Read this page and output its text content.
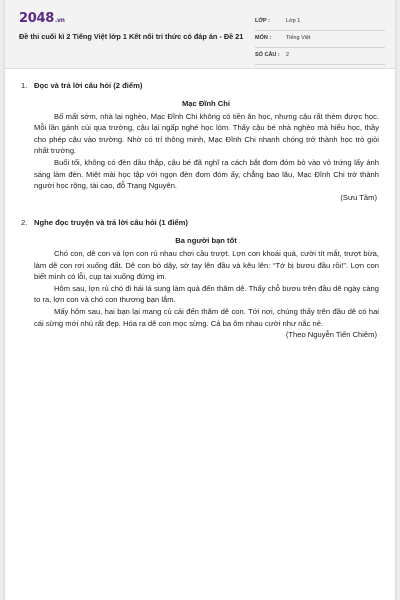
2048.vn
Đề thi cuối kì 2 Tiếng Việt lớp 1 Kết nối tri thức có đáp án - Đề 21
LỚP :	Lớp 1
MÔN :	Tiếng Việt
SỐ CÂU : 2
1. Đọc và trả lời câu hỏi (2 điểm)
Mạc Đĩnh Chi

Bố mất sớm, nhà lại nghèo, Mạc Đĩnh Chi không có tiền ăn học, nhưng cậu rất thèm được học. Mỗi lần gánh củi qua trường, cậu lại ngấp nghé học lỏm. Thấy cậu bé nhà nghèo mà hiếu học, thầy cho phép cậu vào trường. Nhờ có trí thông minh, Mạc Đĩnh Chi nhanh chóng trở thành học trò giỏi nhất trường.

Buổi tối, không có đèn dầu thắp, cậu bé đã nghĩ ra cách bắt đom đóm bỏ vào vỏ trứng lấy ánh sáng làm đèn. Miệt mài học tập với ngọn đèn đom đóm ấy, chẳng bao lâu, Mạc Đĩnh Chi trở thành người học rộng, tài cao, đỗ Trạng Nguyên.

(Sưu Tầm)

2. Nghe đọc truyện và trả lời câu hỏi (1 điểm)
Ba người bạn tốt

Chó con, dê con và lợn con rủ nhau chơi cầu trượt. Lợn con khoái quá, cười tít mắt, trượt bừa, làm dê con rơi xuống đất. Dê con bò dậy, sờ tay lên đầu và kêu lên: “Tớ bị bươu đầu rồi!”. Lợn con biết mình có lỗi, cụp tai xuống đứng im.

Hôm sau, lợn rủ chó đi hái lá sung làm quà đến thăm dê. Thấy chỗ bươu trên đầu dê ngày càng to ra, lợn con và chó con thương bạn lắm.

Mấy hôm sau, hai bạn lại mang củ cải đến thăm dê con. Tới nơi, chúng thấy trên đầu dê có hai cái sừng mới nhú rất đẹp. Hóa ra dê con mọc sừng. Cả ba ôm nhau cười như nắc nẻ.

(Theo Nguyễn Tiến Chiêm)
